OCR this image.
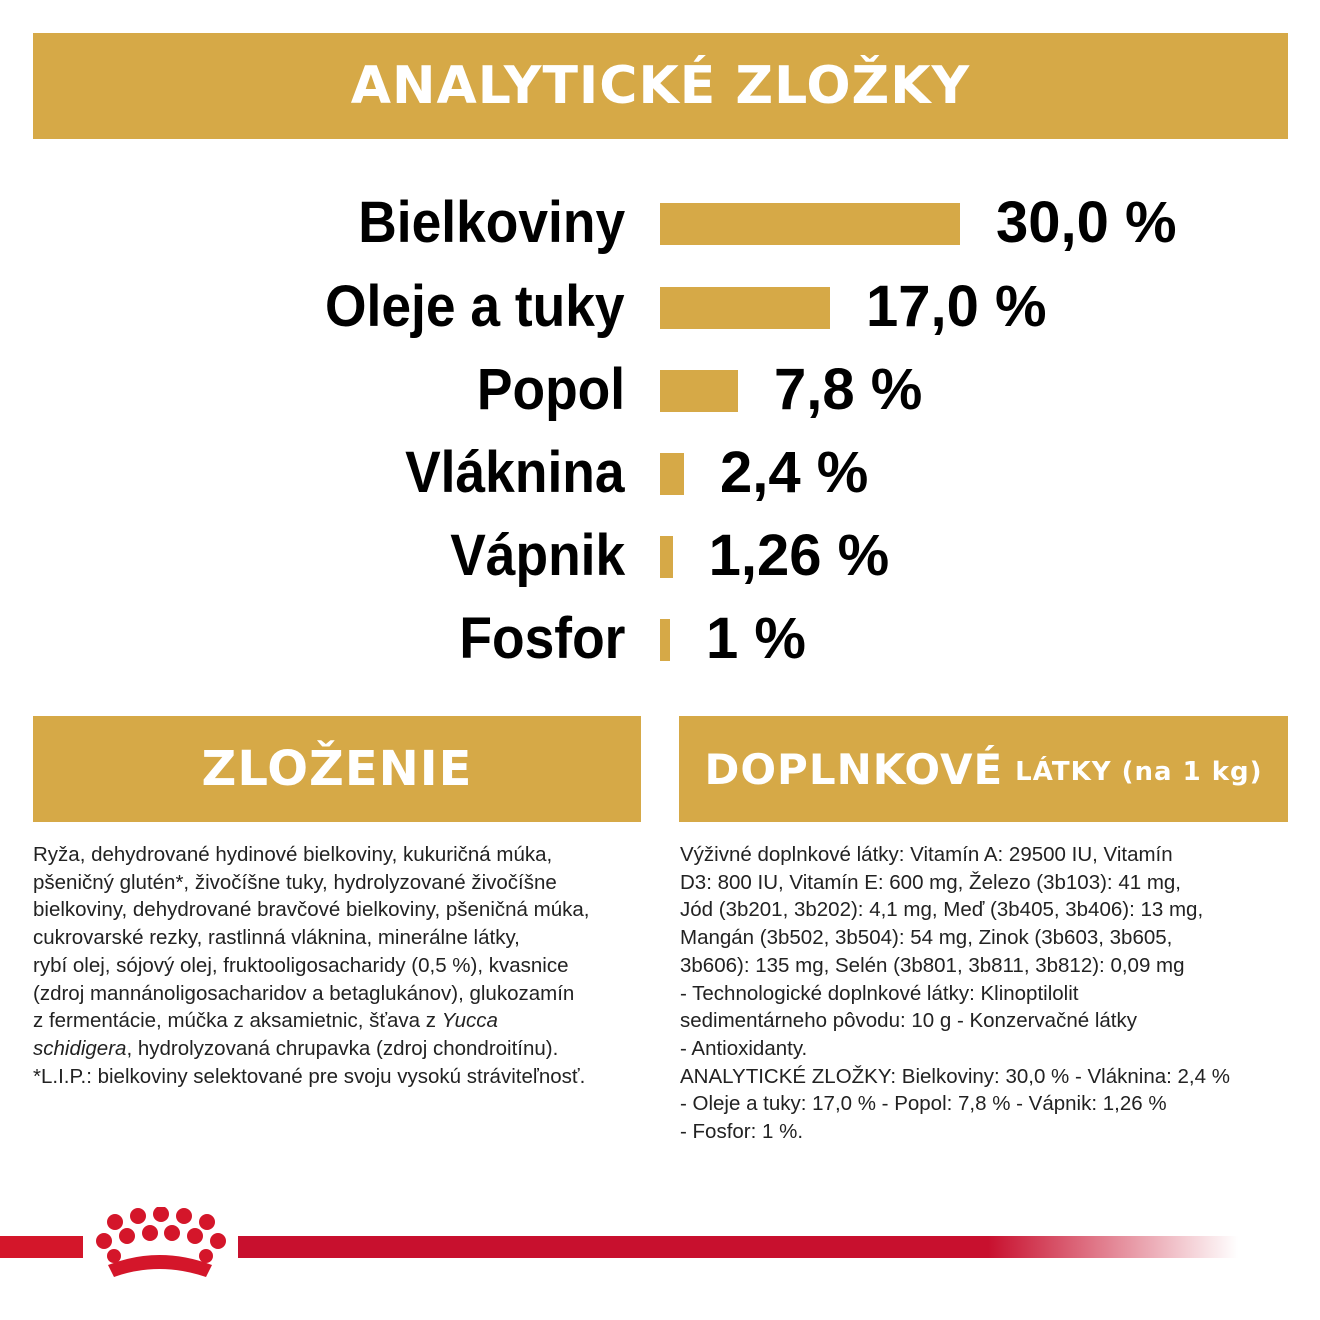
ANALYTICKÉ ZLOŽKY
Bielkoviny	30,0 %
Oleje a tuky	17,0 %
Popol	7,8 %
Vláknina 2,4 %
Vápnik 1,26 %
Fosfor 1 %
ZLOŽENIE	DOPLNKOVÉ LÁTKY (na 1 kg)
Ryža, dehydrované hydinové bielkoviny, kukuričná múka,
pšeničný glutén*, živočíšne tuky, hydrolyzované živočíšne
bielkoviny, dehydrované bravčové bielkoviny, pšeničná múka,
cukrovarské rezky, rastlinná vláknina, minerálne látky,
rybí olej, sójový olej, fruktooligosacharidy (0,5 %), kvasnice
(zdroj mannánoligosacharidov a betaglukánov), glukozamín
z fermentácie, múčka z aksamietnic, šťava z Yucca
schidigera, hydrolyzovaná chrupavka (zdroj chondroitínu).
*L.I.P.: bielkoviny selektované pre svoju vysokú stráviteľnosť.
Výživné doplnkové látky: Vitamín A: 29500 IU, Vitamín
D3: 800 IU, Vitamín E: 600 mg, Železo (3b103): 41 mg,
Jód (3b201, 3b202): 4,1 mg, Meď (3b405, 3b406): 13 mg,
Mangán (3b502, 3b504): 54 mg, Zinok (3b603, 3b605,
3b606): 135 mg, Selén (3b801, 3b811, 3b812): 0,09 mg
- Technologické doplnkové látky: Klinoptilolit
sedimentárneho pôvodu: 10 g - Konzervačné látky
- Antioxidanty.
ANALYTICKÉ ZLOŽKY: Bielkoviny: 30,0 % - Vláknina: 2,4 %
- Oleje a tuky: 17,0 % - Popol: 7,8 % - Vápnik: 1,26 %
- Fosfor: 1 %.
